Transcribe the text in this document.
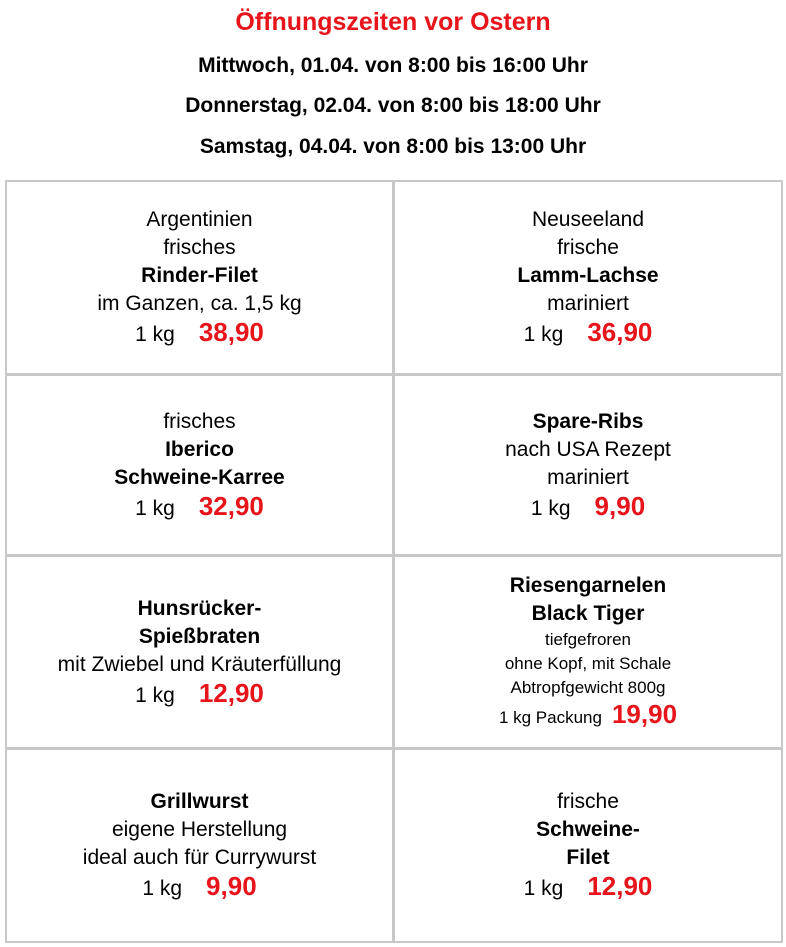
Öffnungszeiten vor Ostern
Mittwoch, 01.04. von 8:00 bis 16:00 Uhr
Donnerstag, 02.04. von 8:00 bis 18:00 Uhr
Samstag, 04.04. von 8:00 bis 13:00 Uhr
Argentinien
frisches
Rinder-Filet
im Ganzen, ca. 1,5 kg
1 kg 38,90
Neuseeland
frische
Lamm-Lachse
mariniert
1 kg 36,90
frisches
Iberico
Schweine-Karree
1 kg 32,90
Spare-Ribs
nach USA Rezept
mariniert
1 kg 9,90
Hunsrücker-
Spießbraten
mit Zwiebel und Kräuterfüllung
1 kg 12,90
Riesengarnelen
Black Tiger
tiefgefroren
ohne Kopf, mit Schale
Abtropfgewicht 800g
1 kg Packung 19,90
Grillwurst
eigene Herstellung
ideal auch für Currywurst
1 kg 9,90
frische
Schweine-
Filet
1 kg 12,90
